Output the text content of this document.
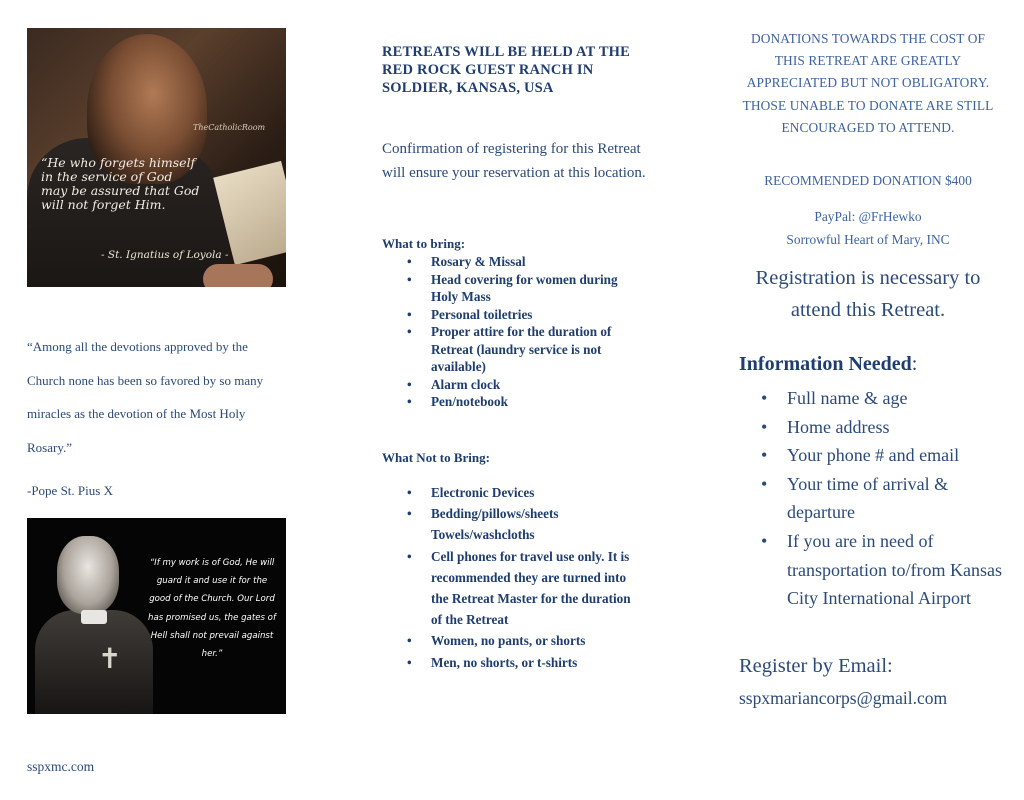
TheCatholicRoom
“He who forgets himself in the service of God may be assured that God will not forget Him.
- St. Ignatius of Loyola -
“Among all the devotions approved by the Church none has been so favored by so many miracles as the devotion of the Most Holy Rosary.”
-Pope St. Pius X
✝
“If my work is of God, He will guard it and use it for the good of the Church. Our Lord has promised us, the gates of Hell shall not prevail against her.”
sspxmc.com
RETREATS WILL BE HELD AT THE RED ROCK GUEST RANCH IN SOLDIER, KANSAS, USA
Confirmation of registering for this Retreat will ensure your reservation at this location.
What to bring:
• Rosary & Missal
• Head covering for women during Holy Mass
• Personal toiletries
• Proper attire for the duration of Retreat (laundry service is not available)
• Alarm clock
• Pen/notebook
What Not to Bring:
• Electronic Devices
• Bedding/pillows/sheets Towels/washcloths
• Cell phones for travel use only. It is recommended they are turned into the Retreat Master for the duration of the Retreat
• Women, no pants, or shorts
• Men, no shorts, or t-shirts
DONATIONS TOWARDS THE COST OF THIS RETREAT ARE GREATLY APPRECIATED BUT NOT OBLIGATORY. THOSE UNABLE TO DONATE ARE STILL ENCOURAGED TO ATTEND.
RECOMMENDED DONATION $400
PayPal: @FrHewko
Sorrowful Heart of Mary, INC
Registration is necessary to attend this Retreat.
Information Needed:
• Full name & age
• Home address
• Your phone # and email
• Your time of arrival & departure
• If you are in need of transportation to/from Kansas City International Airport
Register by Email:
sspxmariancorps@gmail.com
